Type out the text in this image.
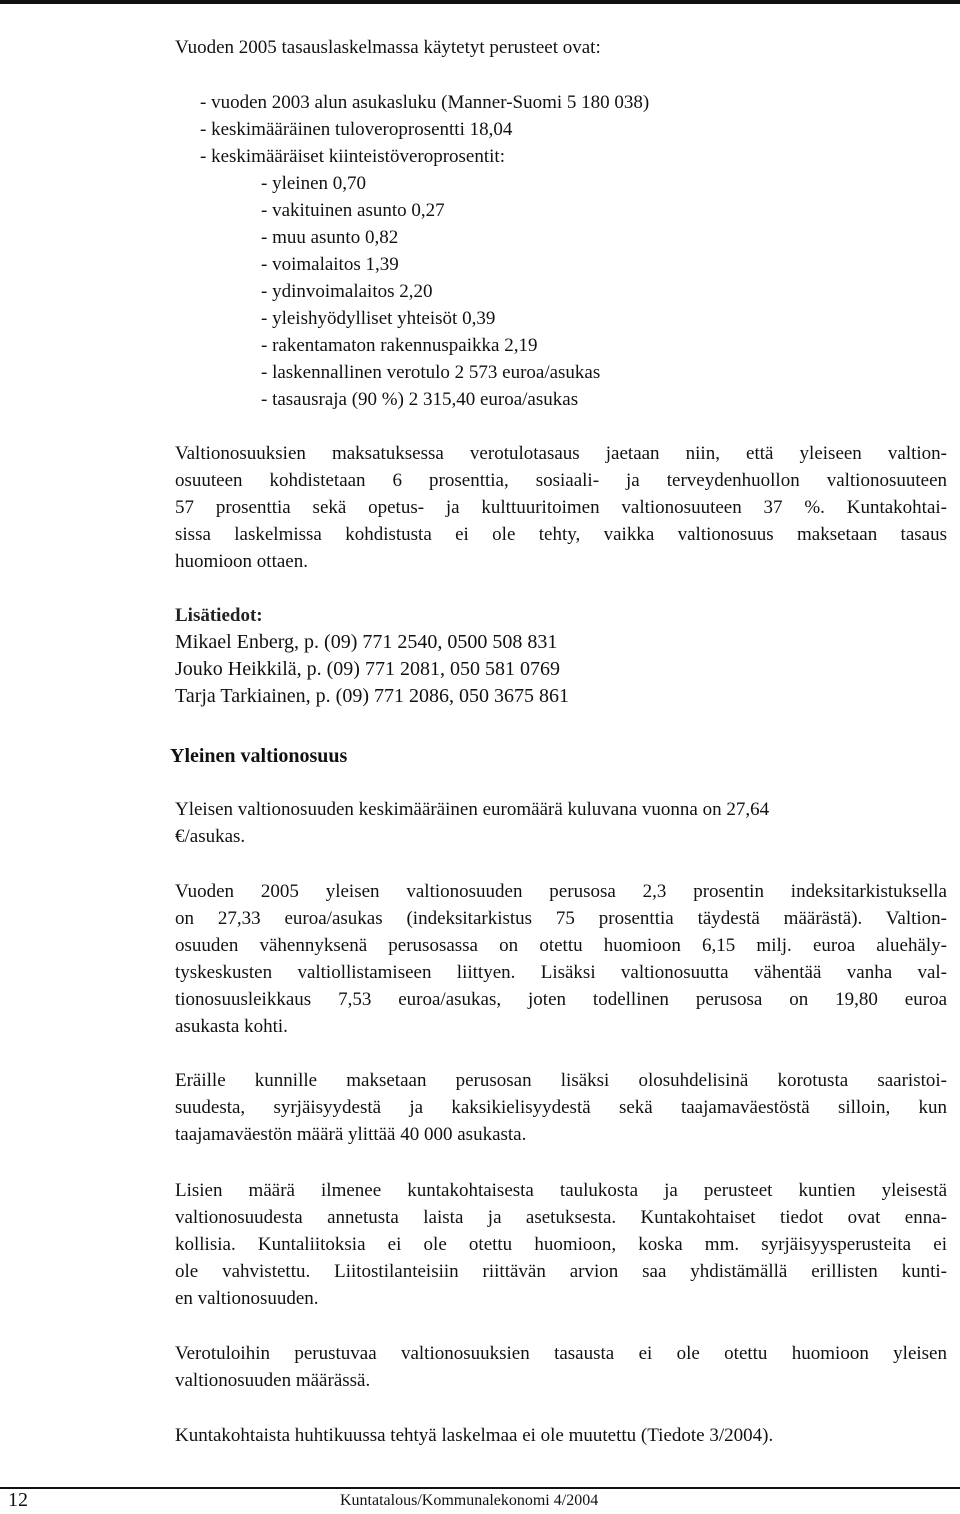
Vuoden 2005 tasauslaskelmassa käytetyt perusteet ovat:

- vuoden 2003 alun asukasluku (Manner-Suomi 5 180 038)
- keskimääräinen tuloveroprosentti 18,04
- keskimääräiset kiinteistöveroprosentit:
- yleinen 0,70
- vakituinen asunto 0,27
- muu asunto 0,82
- voimalaitos 1,39
- ydinvoimalaitos 2,20
- yleishyödylliset yhteisöt 0,39
- rakentamaton rakennuspaikka 2,19
- laskennallinen verotulo 2 573 euroa/asukas
- tasausraja (90 %) 2 315,40 euroa/asukas
Valtionosuuksien maksatuksessa verotulotasaus jaetaan niin, että yleiseen valtion-
osuuteen kohdistetaan 6 prosenttia, sosiaali- ja terveydenhuollon valtionosuuteen
57 prosenttia sekä opetus- ja kulttuuritoimen valtionosuuteen 37 %. Kuntakohtai-
sissa laskelmissa kohdistusta ei ole tehty, vaikka valtionosuus maksetaan tasaus
huomioon ottaen.
Lisätiedot:
Mikael Enberg, p. (09) 771 2540, 0500 508 831
Jouko Heikkilä, p. (09) 771 2081, 050 581 0769
Tarja Tarkiainen, p. (09) 771 2086, 050 3675 861
Yleinen valtionosuus
Yleisen valtionosuuden keskimääräinen euromäärä kuluvana vuonna on 27,64
€/asukas.
Vuoden 2005 yleisen valtionosuuden perusosa 2,3 prosentin indeksitarkistuksella
on 27,33 euroa/asukas (indeksitarkistus 75 prosenttia täydestä määrästä). Valtion-
osuuden vähennyksenä perusosassa on otettu huomioon 6,15 milj. euroa aluehäly-
tyskeskusten valtiollistamiseen liittyen. Lisäksi valtionosuutta vähentää vanha val-
tionosuusleikkaus 7,53 euroa/asukas, joten todellinen perusosa on 19,80 euroa
asukasta kohti.
Eräille kunnille maksetaan perusosan lisäksi olosuhdelisinä korotusta saaristoi-
suudesta, syrjäisyydestä ja kaksikielisyydestä sekä taajamaväestöstä silloin, kun
taajamaväestön määrä ylittää 40 000 asukasta.
Lisien määrä ilmenee kuntakohtaisesta taulukosta ja perusteet kuntien yleisestä
valtionosuudesta annetusta laista ja asetuksesta. Kuntakohtaiset tiedot ovat enna-
kollisia. Kuntaliitoksia ei ole otettu huomioon, koska mm. syrjäisyysperusteita ei
ole vahvistettu. Liitostilanteisiin riittävän arvion saa yhdistämällä erillisten kunti-
en valtionosuuden.
Verotuloihin perustuvaa valtionosuuksien tasausta ei ole otettu huomioon yleisen
valtionosuuden määrässä.
Kuntakohtaista huhtikuussa tehtyä laskelmaa ei ole muutettu (Tiedote 3/2004).
12	Kuntatalous/Kommunalekonomi 4/2004
